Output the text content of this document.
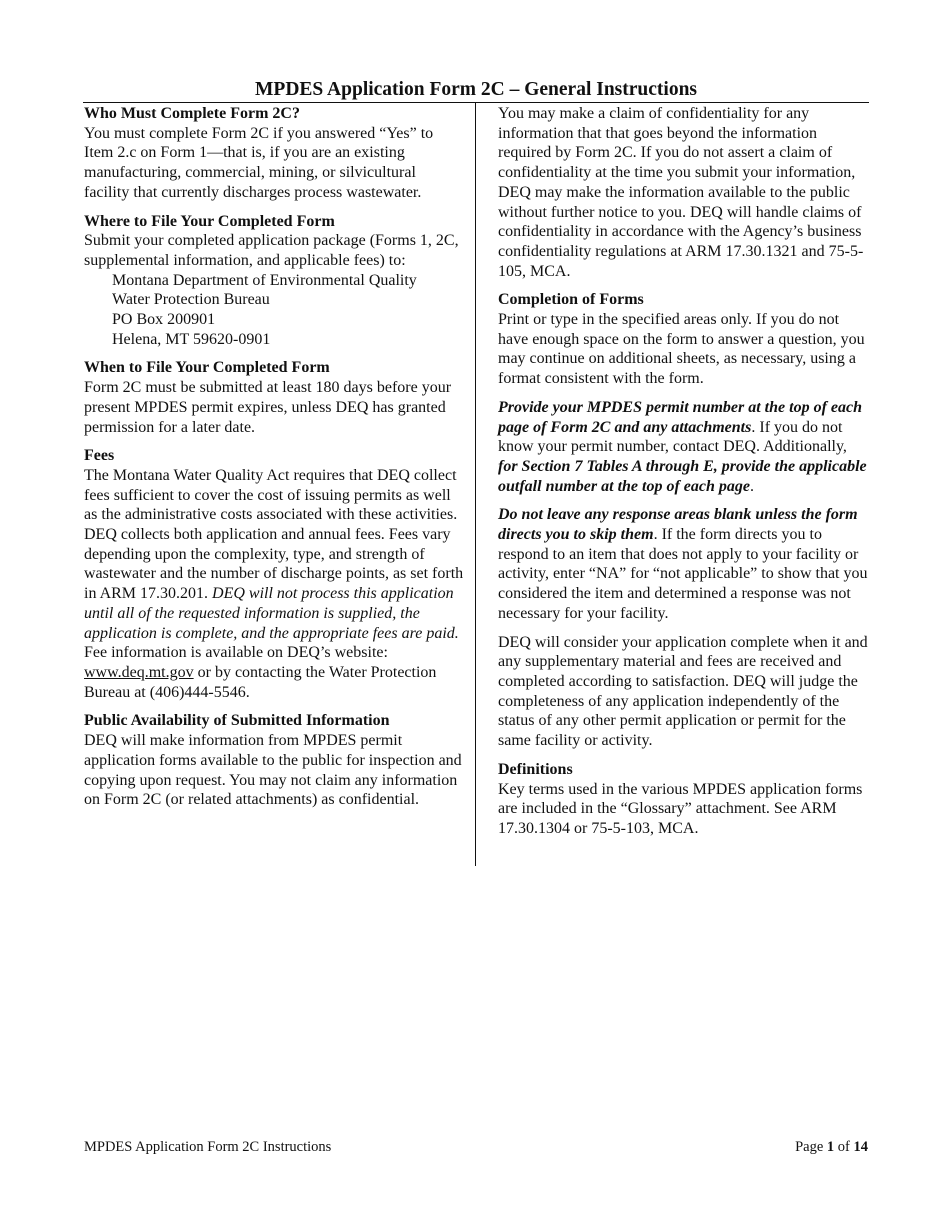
MPDES Application Form 2C – General Instructions
Who Must Complete Form 2C?

You must complete Form 2C if you answered “Yes” to Item 2.c on Form 1—that is, if you are an existing manufacturing, commercial, mining, or silvicultural facility that currently discharges process wastewater.

Where to File Your Completed Form

Submit your completed application package (Forms 1, 2C, supplemental information, and applicable fees) to:

Montana Department of Environmental Quality
Water Protection Bureau
PO Box 200901
Helena, MT 59620-0901
When to File Your Completed Form

Form 2C must be submitted at least 180 days before your present MPDES permit expires, unless DEQ has granted permission for a later date.

Fees

The Montana Water Quality Act requires that DEQ collect fees sufficient to cover the cost of issuing permits as well as the administrative costs associated with these activities. DEQ collects both application and annual fees. Fees vary depending upon the complexity, type, and strength of wastewater and the number of discharge points, as set forth in ARM 17.30.201. DEQ will not process this application until all of the requested information is supplied, the application is complete, and the appropriate fees are paid. Fee information is available on DEQ’s website: www.deq.mt.gov or by contacting the Water Protection Bureau at (406)444-5546.

Public Availability of Submitted Information

DEQ will make information from MPDES permit application forms available to the public for inspection and copying upon request. You may not claim any information on Form 2C (or related attachments) as confidential.

You may make a claim of confidentiality for any information that that goes beyond the information required by Form 2C. If you do not assert a claim of confidentiality at the time you submit your information, DEQ may make the information available to the public without further notice to you. DEQ will handle claims of confidentiality in accordance with the Agency’s business confidentiality regulations at ARM 17.30.1321 and 75-5-105, MCA.

Completion of Forms

Print or type in the specified areas only. If you do not have enough space on the form to answer a question, you may continue on additional sheets, as necessary, using a format consistent with the form.

Provide your MPDES permit number at the top of each page of Form 2C and any attachments. If you do not know your permit number, contact DEQ. Additionally, for Section 7 Tables A through E, provide the applicable outfall number at the top of each page.

Do not leave any response areas blank unless the form directs you to skip them. If the form directs you to respond to an item that does not apply to your facility or activity, enter “NA” for “not applicable” to show that you considered the item and determined a response was not necessary for your facility.

DEQ will consider your application complete when it and any supplementary material and fees are received and completed according to satisfaction. DEQ will judge the completeness of any application independently of the status of any other permit application or permit for the same facility or activity.

Definitions

Key terms used in the various MPDES application forms are included in the “Glossary” attachment. See ARM 17.30.1304 or 75-5-103, MCA.

MPDES Application Form 2C Instructions	Page 1 of 14
